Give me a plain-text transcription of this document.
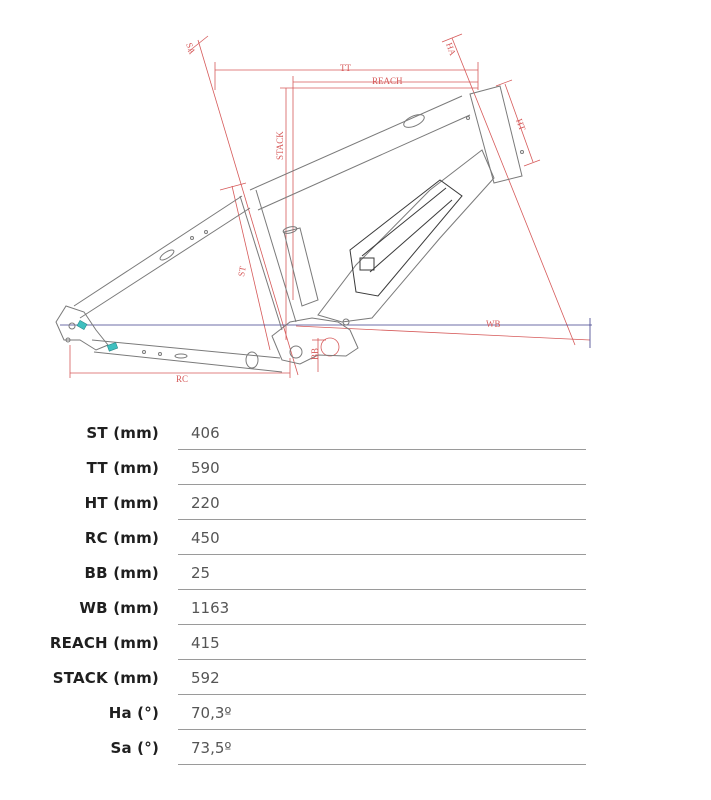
TT
REACH
STACK
ST
HT
HA
SA
RC
BB
WB
ST (mm) 406
TT (mm) 590
HT (mm) 220
RC (mm) 450
BB (mm) 25
WB (mm) 1163
REACH (mm) 415
STACK (mm) 592
Ha (°) 70,3º
Sa (°) 73,5º
